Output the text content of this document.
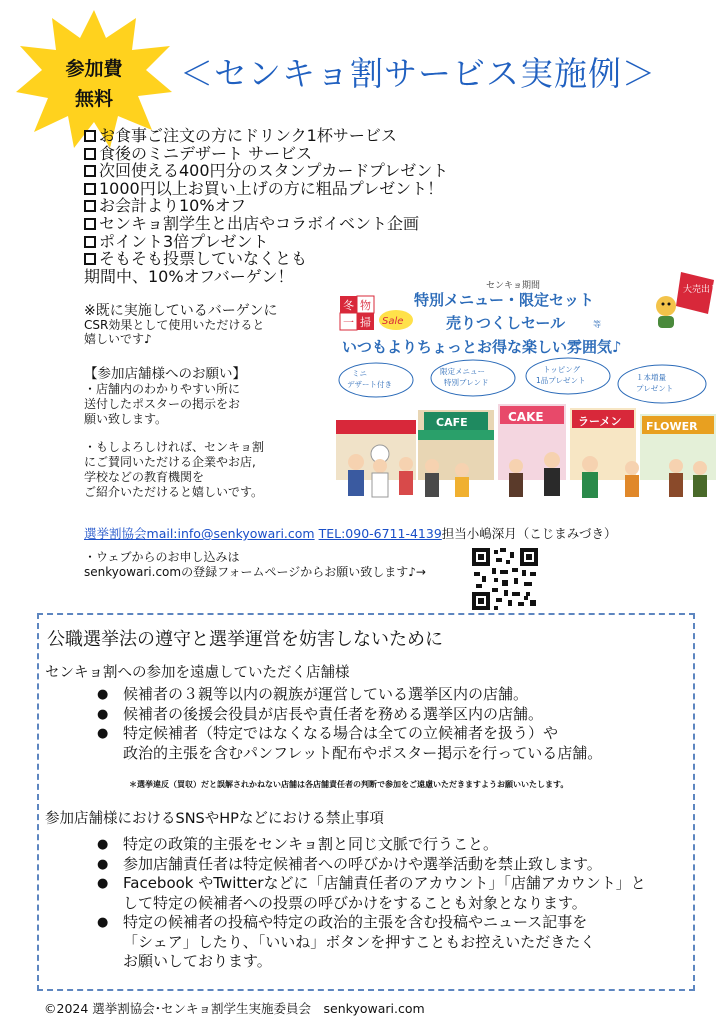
参加費
無料
＜センキョ割サービス実施例＞
お食事ご注文の方にドリンク1杯サービス
食後のミニデザート サービス
次回使える400円分のスタンプカードプレゼント
1000円以上お買い上げの方に粗品プレゼント！
お会計より10%オフ
センキョ割学生と出店やコラボイベント企画
ポイント3倍プレゼント
そもそも投票していなくとも
期間中、10%オフバーゲン！
※既に実施しているバーゲンに
CSR効果として使用いただけると
嬉しいです♪
【参加店舗様へのお願い】
・店舗内のわかりやすい所に
送付したポスターの掲示をお
願い致します。
・もしよろしければ、センキョ割
にご賛同いただける企業やお店,
学校などの教育機関を
ご紹介いただけると嬉しいです。
センキョ期間
特別メニュー・限定セット
売りつくしセール	等
いつもよりちょっとお得な楽しい雰囲気♪
冬 物
一 掃 Sale
大売出し
ミニ
デザート付き
限定メニュー
特別ブレンド
トッピング
1品プレゼント	１本増量
プレゼント
CAFE	CAKE	ラーメン FLOWER
選挙割協会mail:info@senkyowari.com TEL:090-6711-4139担当小嶋深月（こじまみづき）
・ウェブからのお申し込みは
senkyowari.comの登録フォームページからお願い致します♪→
公職選挙法の遵守と選挙運営を妨害しないために
センキョ割への参加を遠慮していただく店舗様
● 候補者の３親等以内の親族が運営している選挙区内の店舗。
● 候補者の後援会役員が店長や責任者を務める選挙区内の店舗。
● 特定候補者（特定ではなくなる場合は全ての立候補者を扱う）や
政治的主張を含むパンフレット配布やポスター掲示を行っている店舗。
＊選挙違反（買収）だと誤解されかねない店舗は各店舗責任者の判断で参加をご遠慮いただきますようお願いいたします。
参加店舗様におけるSNSやHPなどにおける禁止事項
● 特定の政策的主張をセンキョ割と同じ文脈で行うこと。
● 参加店舗責任者は特定候補者への呼びかけや選挙活動を禁止致します。
● Facebook やTwitterなどに「店舗責任者のアカウント」「店舗アカウント」と
して特定の候補者への投票の呼びかけをすることも対象となります。
● 特定の候補者の投稿や特定の政治的主張を含む投稿やニュース記事を
「シェア」したり、「いいね」ボタンを押すこともお控えいただきたく
お願いしております。
©2024 選挙割協会･センキョ割学生実施委員会　senkyowari.com
